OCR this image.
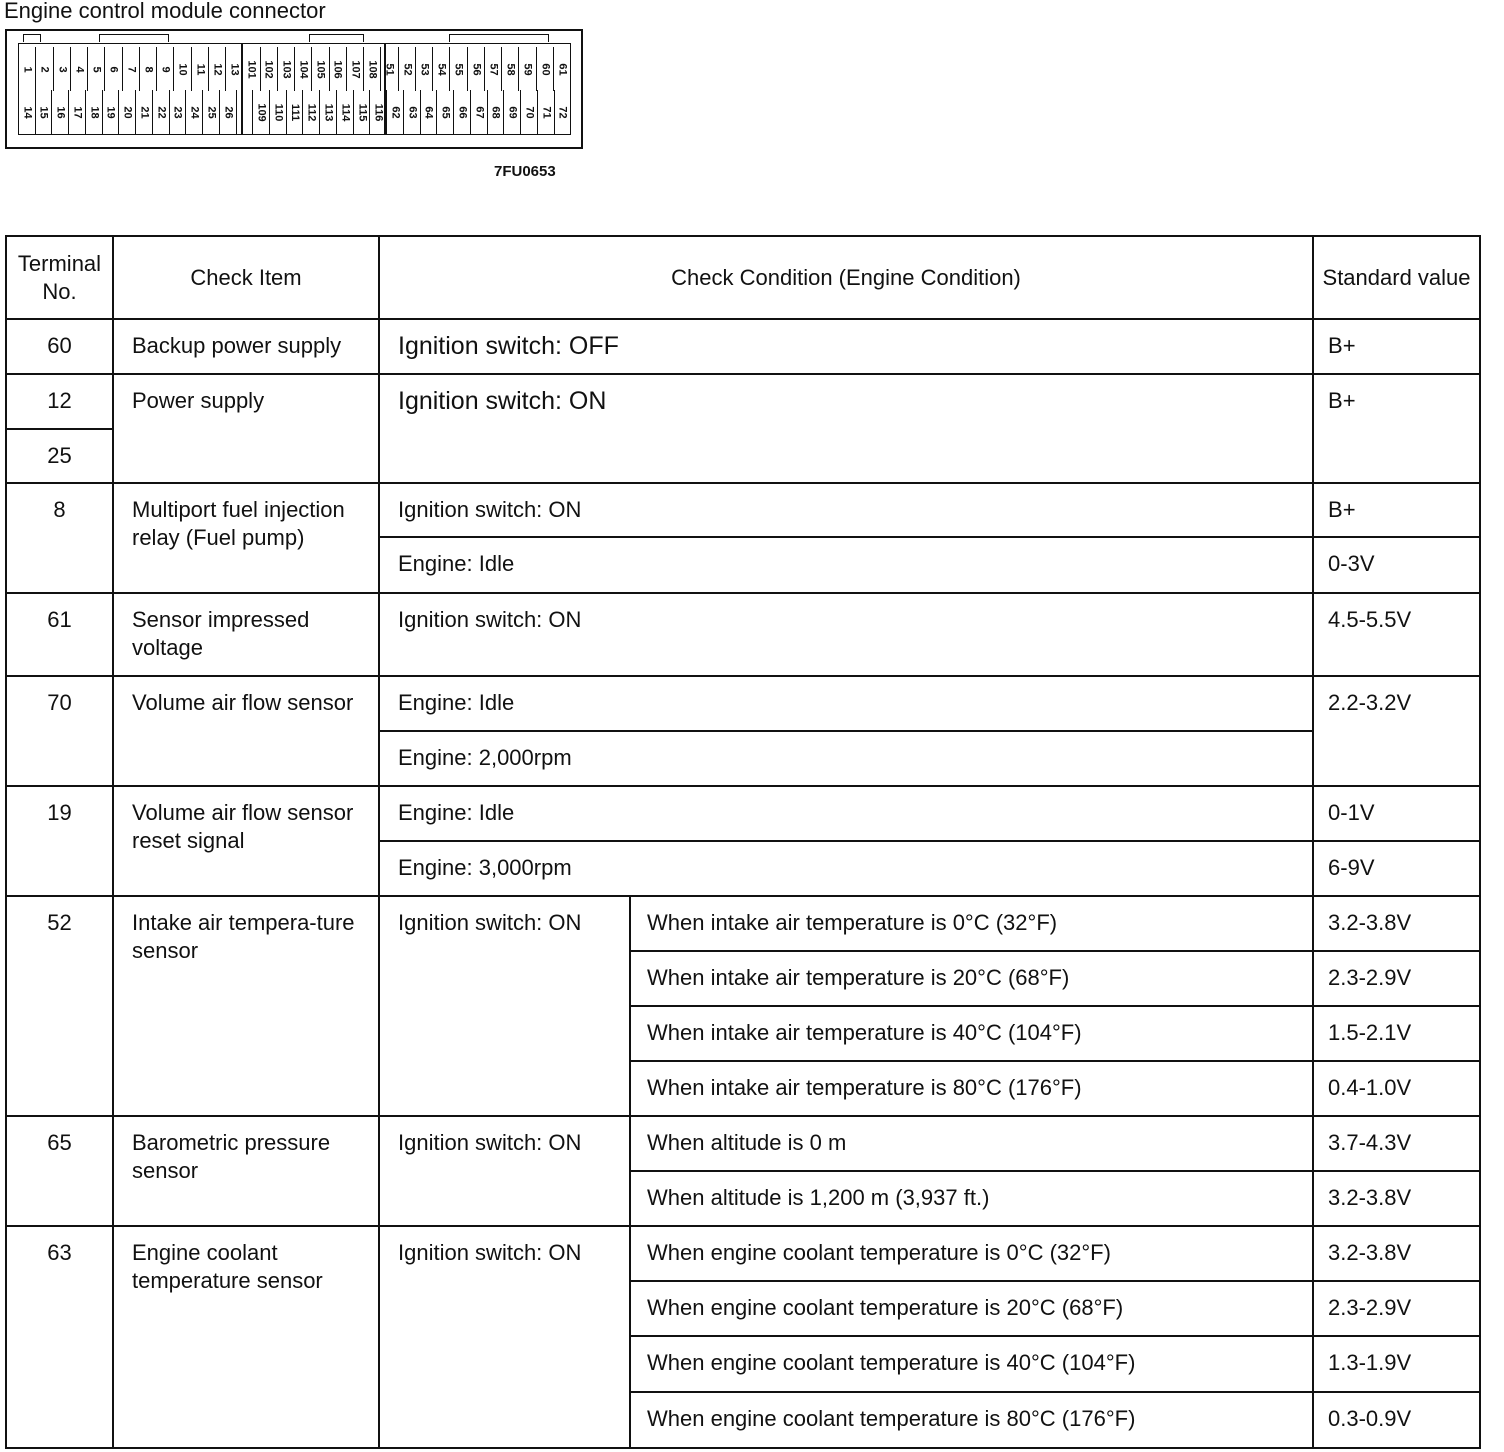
Engine control module connector
1 2 3 4 5 6 7 8 9 10 11 12 13 101 102 103 104 105 106 107 108 51 52 53 54 55 56 57 58 59 60 61
14 15 16 17 18 19 20 21 22 23 24 25 26 109 110 111 112 113 114 115 116 62 63 64 65 66 67 68 69 70 71 72
7FU0653
Terminal No.	Check Item	Check Condition (Engine Condition)		Standard value
60	Backup power supply	Ignition switch: OFF		B+
12	Power supply	Ignition switch: ON		B+
25				
8	Multiport fuel injection relay (Fuel pump)	Ignition switch: ON		B+
		Engine: Idle		0-3V
61	Sensor impressed voltage	Ignition switch: ON		4.5-5.5V
70	Volume air flow sensor	Engine: Idle		2.2-3.2V
		Engine: 2,000rpm		
19	Volume air flow sensor reset signal	Engine: Idle		0-1V
		Engine: 3,000rpm		6-9V
52	Intake air tempera-ture sensor	Ignition switch: ON	When intake air temperature is 0°C (32°F)	3.2-3.8V
			When intake air temperature is 20°C (68°F)	2.3-2.9V
			When intake air temperature is 40°C (104°F)	1.5-2.1V
			When intake air temperature is 80°C (176°F)	0.4-1.0V
65	Barometric pressure sensor	Ignition switch: ON	When altitude is 0 m	3.7-4.3V
			When altitude is 1,200 m (3,937 ft.)	3.2-3.8V
63	Engine coolant temperature sensor	Ignition switch: ON	When engine coolant temperature is 0°C (32°F)	3.2-3.8V
			When engine coolant temperature is 20°C (68°F)	2.3-2.9V
			When engine coolant temperature is 40°C (104°F)	1.3-1.9V
			When engine coolant temperature is 80°C (176°F)	0.3-0.9V
